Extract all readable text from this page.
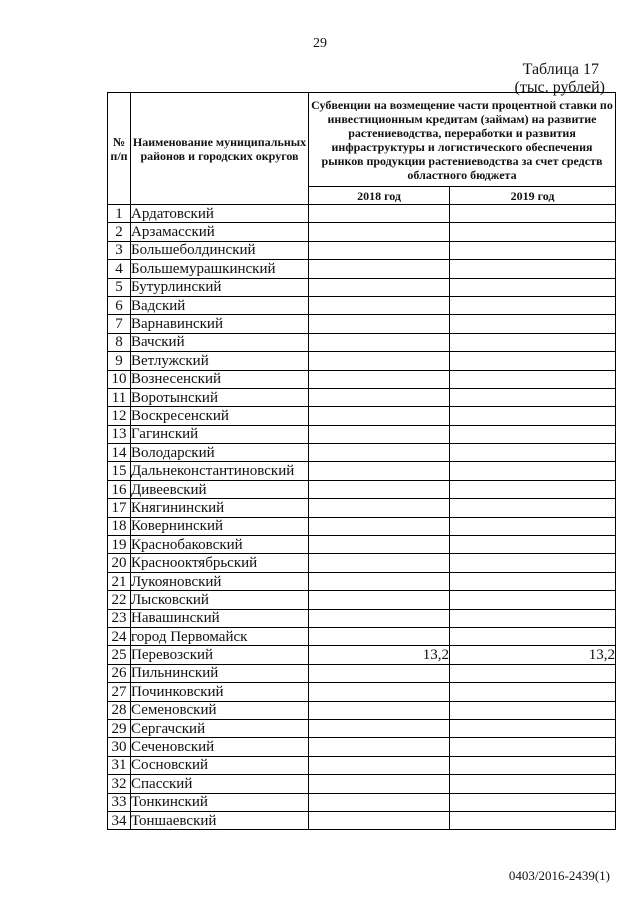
29
Таблица 17
(тыс. рублей)
№ п/п	Наименование муниципальных районов и городских округов	Субвенции на возмещение части процентной ставки по инвестиционным кредитам (займам) на развитие растениеводства, переработки и развития инфраструктуры и логистического обеспечения рынков продукции растениеводства за счет средств областного бюджета	
		2018 год	2019 год
1	Ардатовский		
2	Арзамасский		
3	Большеболдинский		
4	Большемурашкинский		
5	Бутурлинский		
6	Вадский		
7	Варнавинский		
8	Вачский		
9	Ветлужский		
10	Вознесенский		
11	Воротынский		
12	Воскресенский		
13	Гагинский		
14	Володарский		
15	Дальнеконстантиновский		
16	Дивеевский		
17	Княгининский		
18	Ковернинский		
19	Краснобаковский		
20	Краснооктябрьский		
21	Лукояновский		
22	Лысковский		
23	Навашинский		
24	город Первомайск		
25	Перевозский	13,2	13,2
26	Пильнинский		
27	Починковский		
28	Семеновский		
29	Сергачский		
30	Сеченовский		
31	Сосновский		
32	Спасский		
33	Тонкинский		
34	Тоншаевский		
0403/2016-2439(1)
